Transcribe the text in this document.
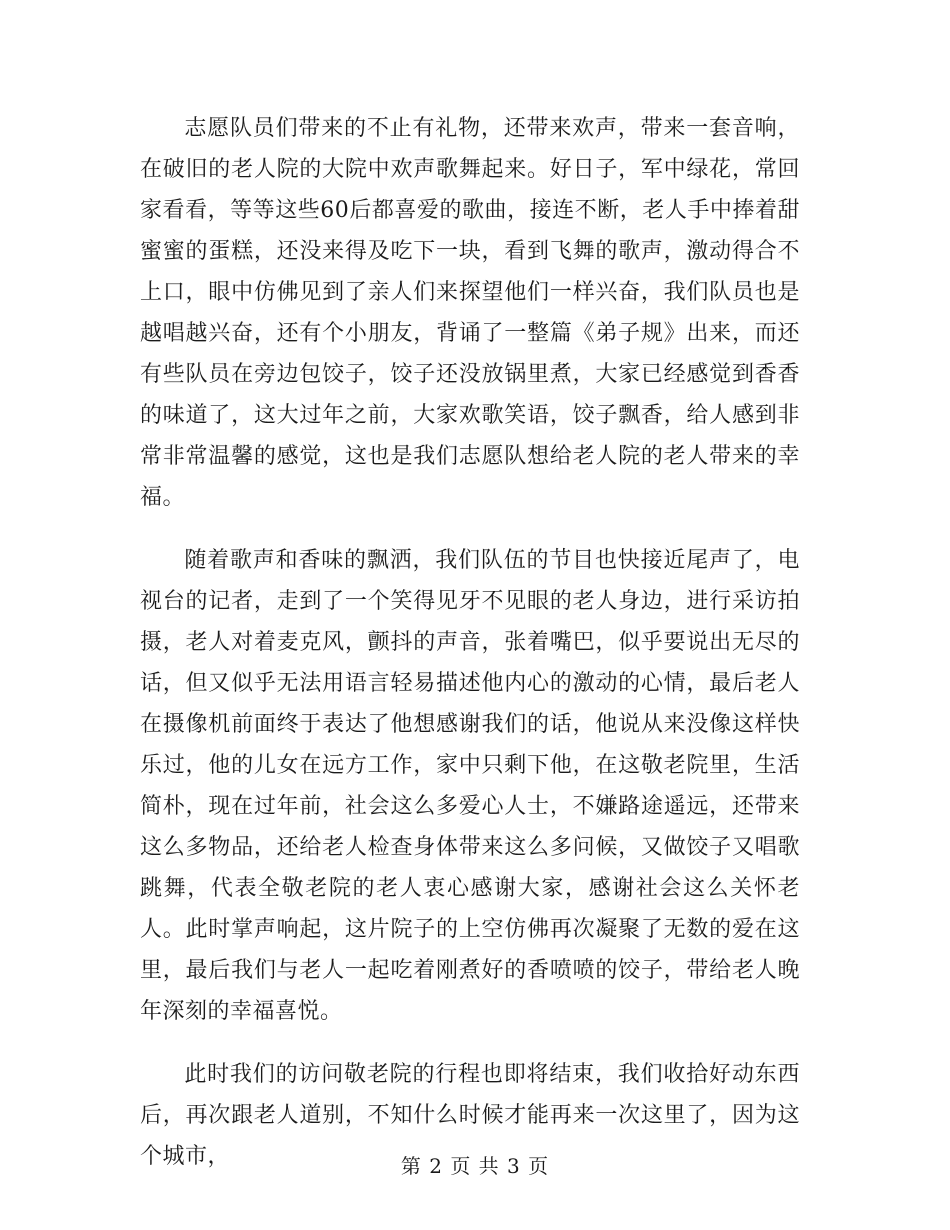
志愿队员们带来的不止有礼物，还带来欢声，带来一套音响，在破旧的老人院的大院中欢声歌舞起来。好日子，军中绿花，常回家看看，等等这些60后都喜爱的歌曲，接连不断，老人手中捧着甜蜜蜜的蛋糕，还没来得及吃下一块，看到飞舞的歌声，激动得合不上口，眼中仿佛见到了亲人们来探望他们一样兴奋，我们队员也是越唱越兴奋，还有个小朋友，背诵了一整篇《弟子规》出来，而还有些队员在旁边包饺子，饺子还没放锅里煮，大家已经感觉到香香的味道了，这大过年之前，大家欢歌笑语，饺子飘香，给人感到非常非常温馨的感觉，这也是我们志愿队想给老人院的老人带来的幸福。

随着歌声和香味的飘洒，我们队伍的节目也快接近尾声了，电视台的记者，走到了一个笑得见牙不见眼的老人身边，进行采访拍摄，老人对着麦克风，颤抖的声音，张着嘴巴，似乎要说出无尽的话，但又似乎无法用语言轻易描述他内心的激动的心情，最后老人在摄像机前面终于表达了他想感谢我们的话，他说从来没像这样快乐过，他的儿女在远方工作，家中只剩下他，在这敬老院里，生活简朴，现在过年前，社会这么多爱心人士，不嫌路途遥远，还带来这么多物品，还给老人检查身体带来这么多问候，又做饺子又唱歌跳舞，代表全敬老院的老人衷心感谢大家，感谢社会这么关怀老人。此时掌声响起，这片院子的上空仿佛再次凝聚了无数的爱在这里，最后我们与老人一起吃着刚煮好的香喷喷的饺子，带给老人晚年深刻的幸福喜悦。

此时我们的访问敬老院的行程也即将结束，我们收拾好动东西后，再次跟老人道别，不知什么时候才能再来一次这里了，因为这个城市，	第 2 页 共 3 页
